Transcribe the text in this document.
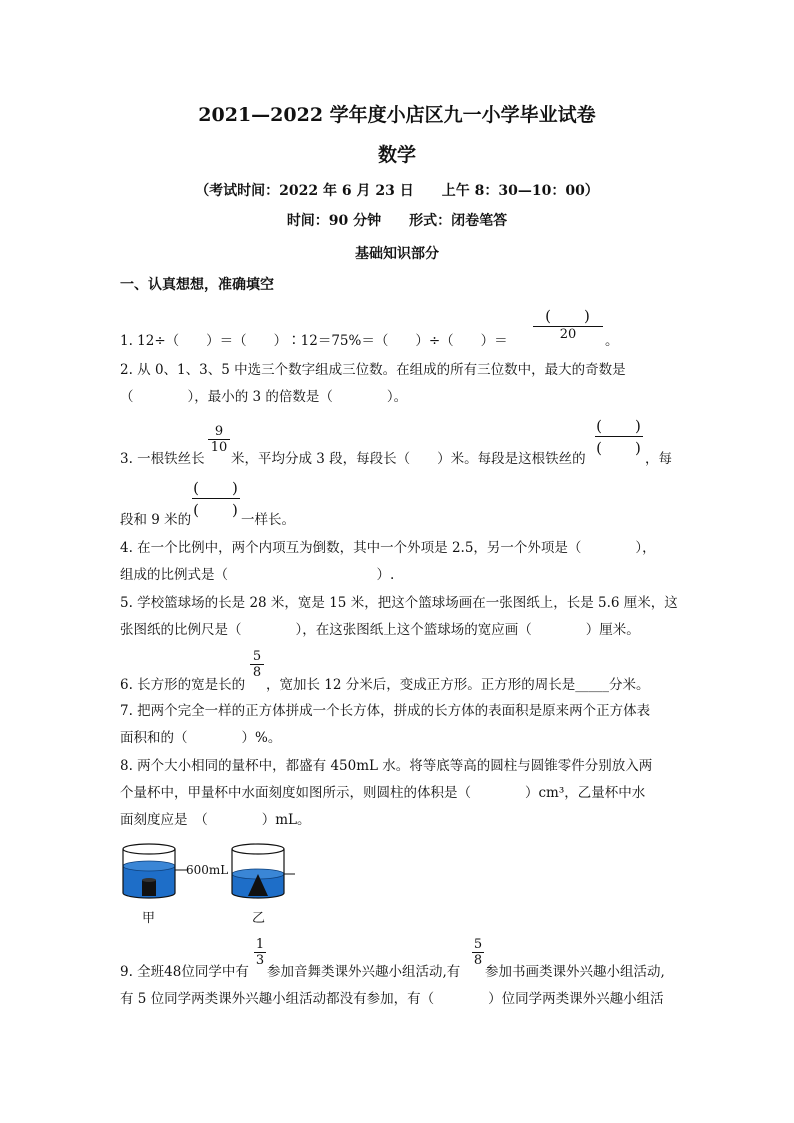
2021—2022 学年度小店区九一小学毕业试卷
数学
（考试时间：2022 年 6 月 23 日　　上午 8：30—10：00）
时间：90 分钟　　形式：闭卷笔答
基础知识部分
一、认真想想，准确填空
1. 12÷（　　）＝（　　）∶12＝75%＝（　　）÷（　　）＝
(　　)
20	。
2. 从 0、1、3、5 中选三个数字组成三位数。在组成的所有三位数中，最大的奇数是
（　　　　），最小的 3 的倍数是（　　　　）。
3. 一根铁丝长
9
10
米，平均分成 3 段，每段长（　　）米。每段是这根铁丝的
(　　)
(　　)
，每
段和 9 米的
(　　)
(　　)
一样长。
4. 在一个比例中，两个内项互为倒数，其中一个外项是 2.5，另一个外项是（　　　　），
组成的比例式是（　　　　　　　　　　　）.
5. 学校篮球场的长是 28 米，宽是 15 米，把这个篮球场画在一张图纸上，长是 5.6 厘米，这
张图纸的比例尺是（　　　　），在这张图纸上这个篮球场的宽应画（　　　　）厘米。
6. 长方形的宽是长的
5
8
，宽加长 12 分米后，变成正方形。正方形的周长是_____分米。
7. 把两个完全一样的正方体拼成一个长方体，拼成的长方体的表面积是原来两个正方体表
面积和的（　　　　）%。
8. 两个大小相同的量杯中，都盛有 450mL 水。将等底等高的圆柱与圆锥零件分别放入两
个量杯中，甲量杯中水面刻度如图所示，则圆柱的体积是（　　　　）cm³，乙量杯中水
面刻度应是　（　　　　）mL。
600mL
甲	乙
9. 全班48位同学中有
1
3
参加音舞类课外兴趣小组活动,有
5
8
参加书画类课外兴趣小组活动,
有 5 位同学两类课外兴趣小组活动都没有参加，有（　　　　）位同学两类课外兴趣小组活
